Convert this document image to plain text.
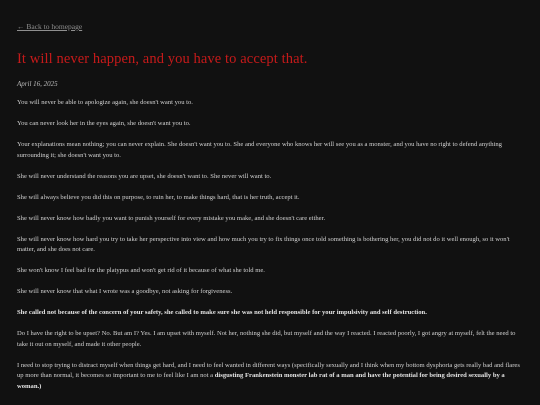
← Back to homepage
It will never happen, and you have to accept that.
April 16, 2025

You will never be able to apologize again, she doesn't want you to.

You can never look her in the eyes again, she doesn't want you to.

Your explanations mean nothing; you can never explain. She doesn't want you to. She and everyone who knows her will see you as a monster, and you have no right to defend anything surrounding it; she doesn't want you to.

She will never understand the reasons you are upset, she doesn't want to. She never will want to.

She will always believe you did this on purpose, to ruin her, to make things hard, that is her truth, accept it.

She will never know how badly you want to punish yourself for every mistake you make, and she doesn't care either.

She will never know how hard you try to take her perspective into view and how much you try to fix things once told something is bothering her, you did not do it well enough, so it won't matter, and she does not care.

She won't know I feel bad for the platypus and won't get rid of it because of what she told me.

She will never know that what I wrote was a goodbye, not asking for forgiveness.

She called not because of the concern of your safety, she called to make sure she was not held responsible for your impulsivity and self destruction.

Do I have the right to be upset? No. But am I? Yes. I am upset with myself. Not her, nothing she did, but myself and the way I reacted. I reacted poorly, I got angry at myself, felt the need to take it out on myself, and made it other people.

I need to stop trying to distract myself when things get hard, and I need to feel wanted in different ways (specifically sexually and I think when my bottom dysphoria gets really bad and flares up more than normal, it becomes so important to me to feel like I am not a disgusting Frankenstein monster lab rat of a man and have the potential for being desired sexually by a woman.)
